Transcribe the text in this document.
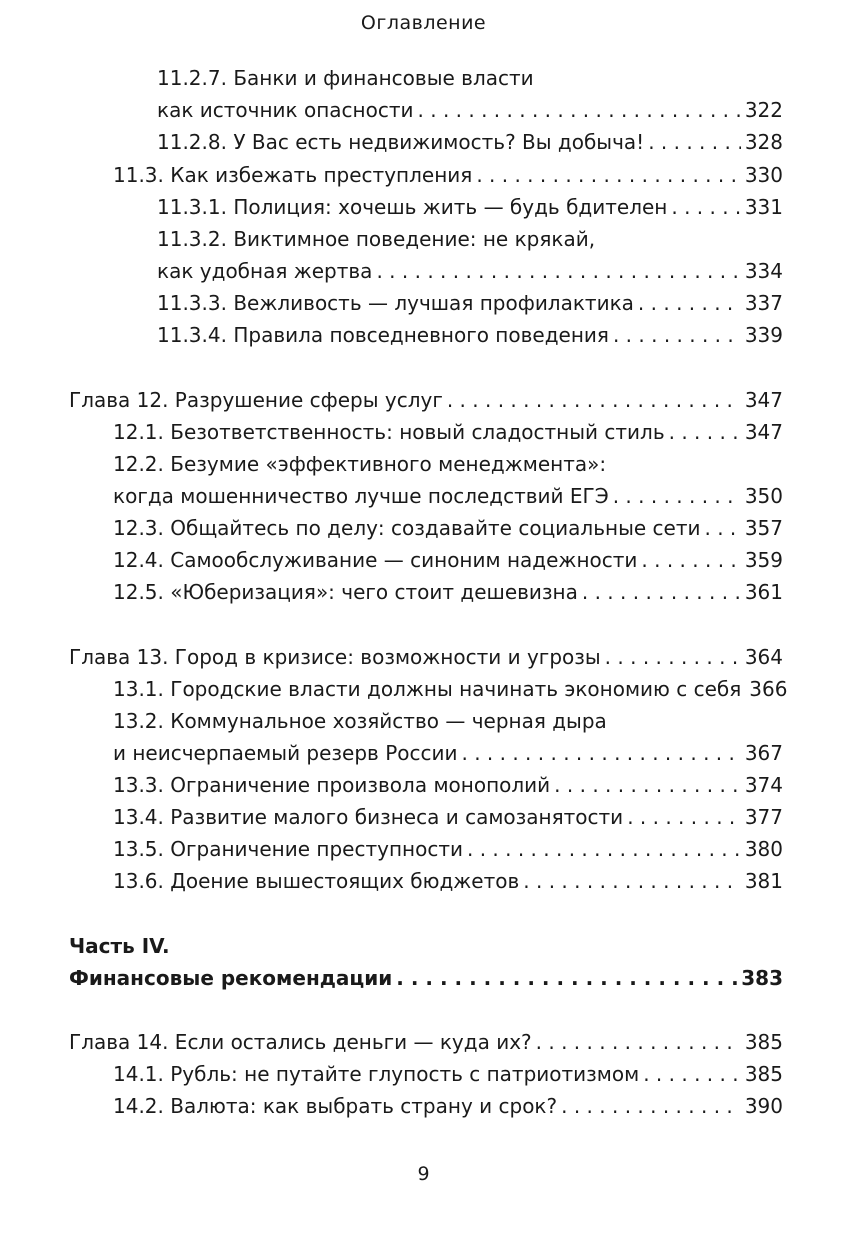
Оглавление
11.2.7. Банки и финансовые власти
как источник опасности . . .	322
11.2.8. У Вас есть недвижимость? Вы добыча! . . .	328
11.3. Как избежать преступления . . .	330
11.3.1. Полиция: хочешь жить — будь бдителен . . .	331
11.3.2. Виктимное поведение: не крякай,
как удобная жертва . . .	334
11.3.3. Вежливость — лучшая профилактика . . .	337
11.3.4. Правила повседневного поведения . . .	339
Глава 12. Разрушение сферы услуг . . .	347
12.1. Безответственность: новый сладостный стиль . . .	347
12.2. Безумие «эффективного менеджмента»:
когда мошенничество лучше последствий ЕГЭ . . .	350
12.3. Общайтесь по делу: создавайте социальные сети . . . 357
12.4. Самообслуживание — синоним надежности . . .	359
12.5. «Юберизация»: чего стоит дешевизна . . .	361
Глава 13. Город в кризисе: возможности и угрозы . . .	364
13.1. Городские власти должны начинать экономию с себя 366
13.2. Коммунальное хозяйство — черная дыра
и неисчерпаемый резерв России . . .	367
13.3. Ограничение произвола монополий . . .	374
13.4. Развитие малого бизнеса и самозанятости . . .	377
13.5. Ограничение преступности . . .	380
13.6. Доение вышестоящих бюджетов . . .	381
Часть IV.
Финансовые рекомендации . . .	383
Глава 14. Если остались деньги — куда их? . . .	385
14.1. Рубль: не путайте глупость с патриотизмом . . .	385
14.2. Валюта: как выбрать страну и срок? . . .	390
9
